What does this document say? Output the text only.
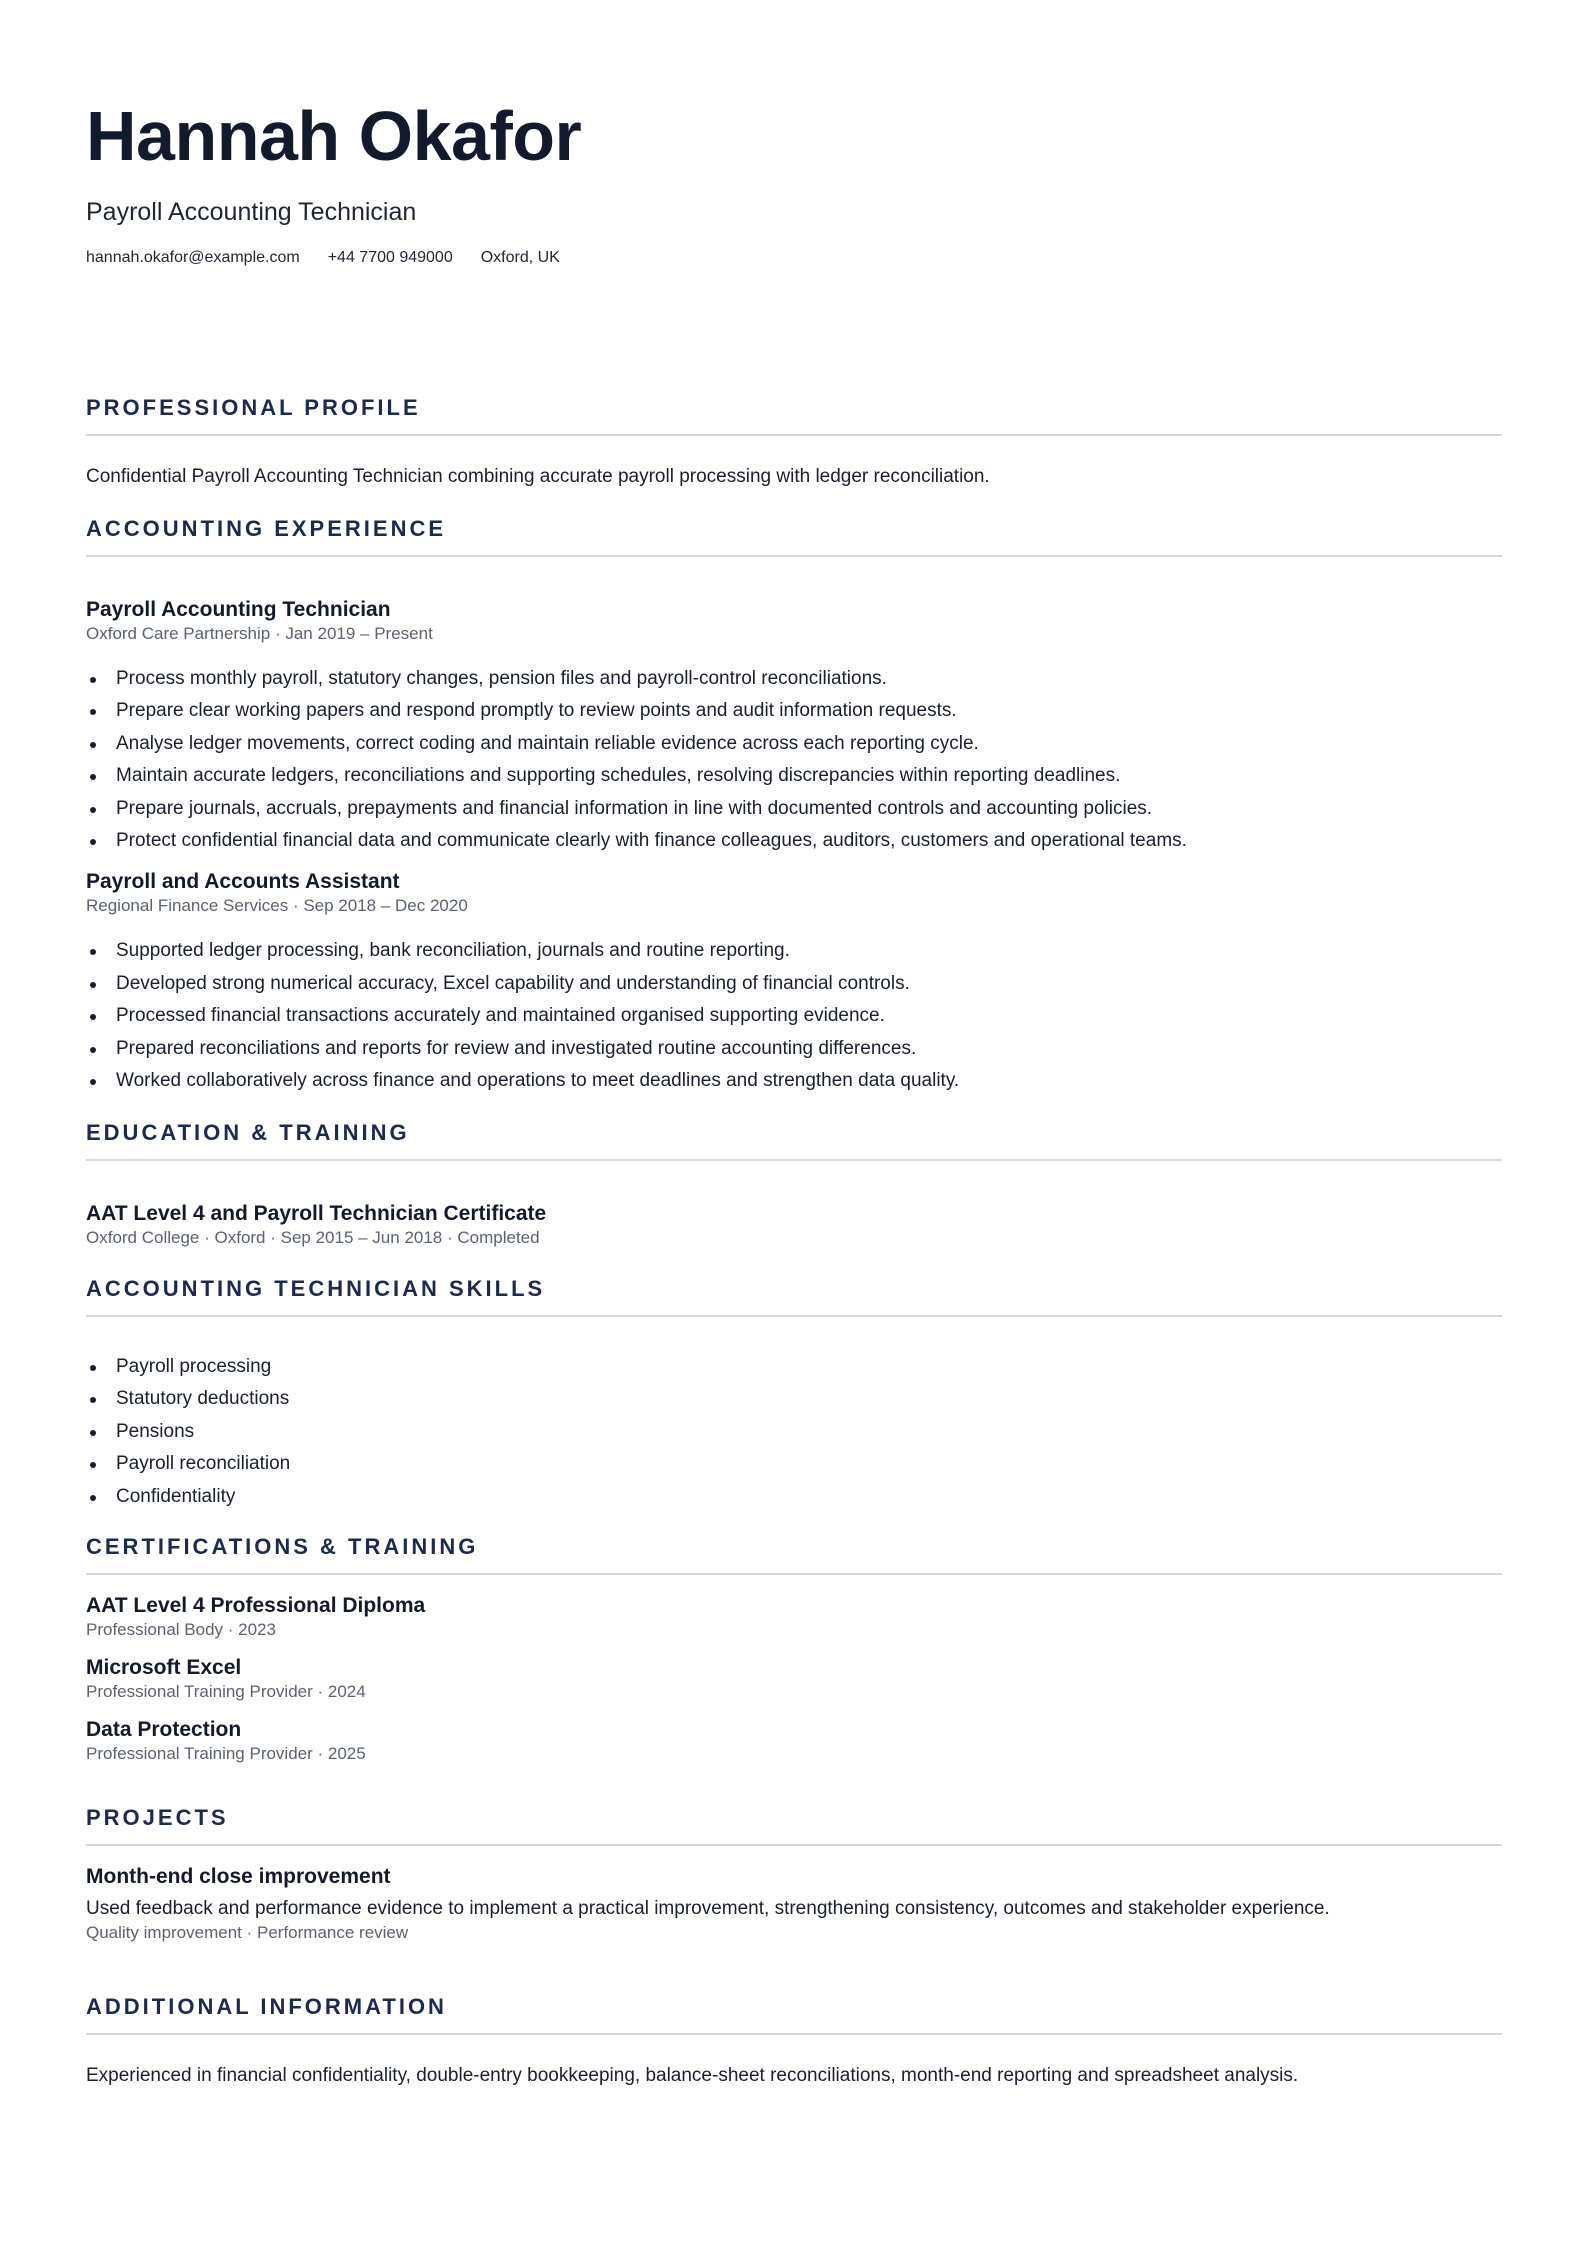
Hannah Okafor
Payroll Accounting Technician
hannah.okafor@example.com +44 7700 949000 Oxford, UK
PROFESSIONAL PROFILE
Confidential Payroll Accounting Technician combining accurate payroll processing with ledger reconciliation.
ACCOUNTING EXPERIENCE
Payroll Accounting Technician
Oxford Care Partnership · Jan 2019 – Present
Process monthly payroll, statutory changes, pension files and payroll-control reconciliations.
Prepare clear working papers and respond promptly to review points and audit information requests.
Analyse ledger movements, correct coding and maintain reliable evidence across each reporting cycle.
Maintain accurate ledgers, reconciliations and supporting schedules, resolving discrepancies within reporting deadlines.
Prepare journals, accruals, prepayments and financial information in line with documented controls and accounting policies.
Protect confidential financial data and communicate clearly with finance colleagues, auditors, customers and operational teams.
Payroll and Accounts Assistant
Regional Finance Services · Sep 2018 – Dec 2020
Supported ledger processing, bank reconciliation, journals and routine reporting.
Developed strong numerical accuracy, Excel capability and understanding of financial controls.
Processed financial transactions accurately and maintained organised supporting evidence.
Prepared reconciliations and reports for review and investigated routine accounting differences.
Worked collaboratively across finance and operations to meet deadlines and strengthen data quality.
EDUCATION & TRAINING
AAT Level 4 and Payroll Technician Certificate
Oxford College · Oxford · Sep 2015 – Jun 2018 · Completed
ACCOUNTING TECHNICIAN SKILLS
Payroll processing
Statutory deductions
Pensions
Payroll reconciliation
Confidentiality
CERTIFICATIONS & TRAINING
AAT Level 4 Professional Diploma
Professional Body · 2023
Microsoft Excel
Professional Training Provider · 2024
Data Protection
Professional Training Provider · 2025
PROJECTS
Month-end close improvement
Used feedback and performance evidence to implement a practical improvement, strengthening consistency, outcomes and stakeholder experience.
Quality improvement · Performance review
ADDITIONAL INFORMATION
Experienced in financial confidentiality, double-entry bookkeeping, balance-sheet reconciliations, month-end reporting and spreadsheet analysis.
